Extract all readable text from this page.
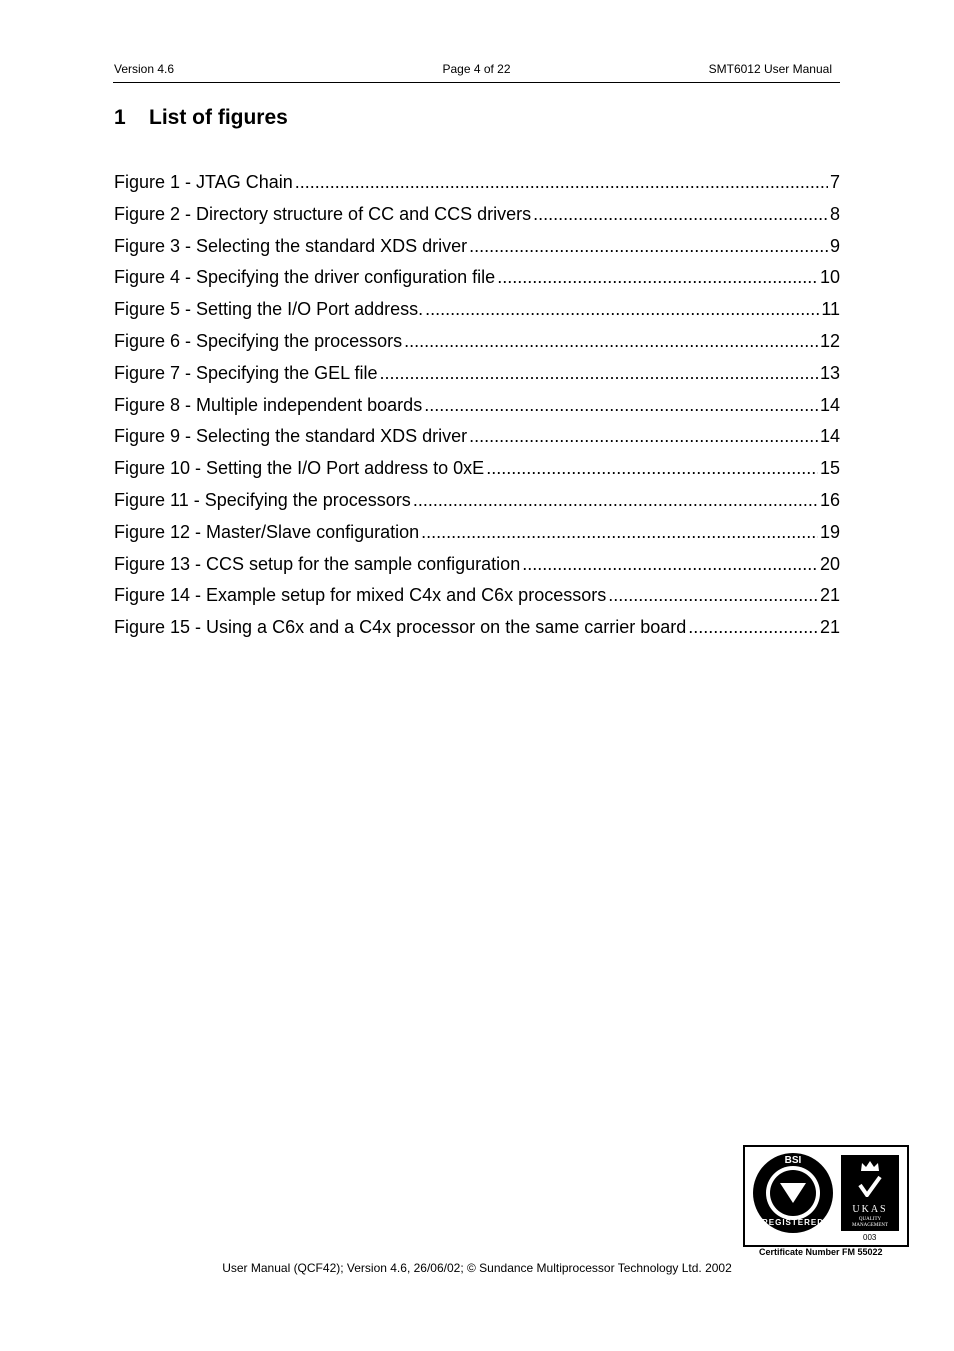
Version 4.6	Page 4 of 22	SMT6012 User Manual
1 List of figures
Figure 1 - JTAG Chain .....	7
Figure 2 - Directory structure of CC and CCS drivers .....	8
Figure 3 - Selecting the standard XDS driver .....	9
Figure 4 - Specifying the driver configuration file .....	10
Figure 5 - Setting the I/O Port address. .....	11
Figure 6 - Specifying the processors .....	12
Figure 7 - Specifying the GEL file .....	13
Figure 8 - Multiple independent boards .....	14
Figure 9 - Selecting the standard XDS driver .....	14
Figure 10 - Setting the I/O Port address to 0xE .....	15
Figure 11 - Specifying the processors .....	16
Figure 12 - Master/Slave configuration .....	19
Figure 13 - CCS setup for the sample configuration .....	20
Figure 14 - Example setup for mixed C4x and C6x processors .....	21
Figure 15 - Using a C6x and a C4x processor on the same carrier board .....	21
BSI
REGISTERED
UKAS
QUALITY MANAGEMENT
003
Certificate Number FM 55022
User Manual (QCF42); Version 4.6, 26/06/02; © Sundance Multiprocessor Technology Ltd. 2002
